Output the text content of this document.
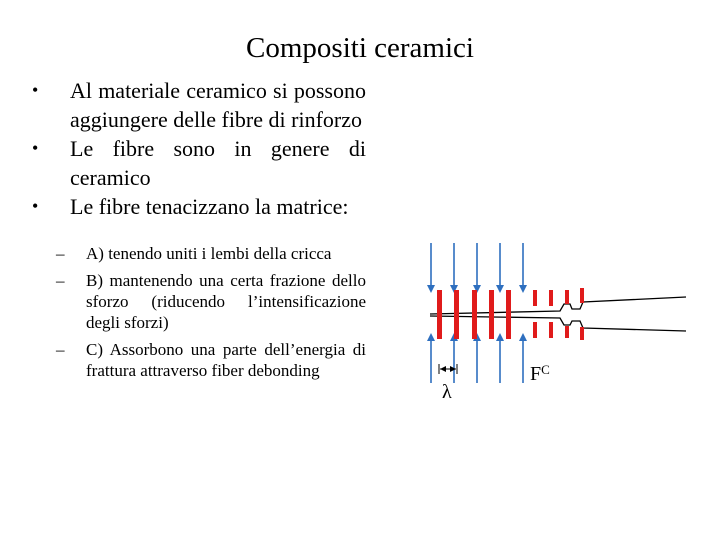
Compositi ceramici
•	Al materiale ceramico si possono aggiungere delle fibre di rinforzo
•	Le fibre sono in genere di ceramico
•	Le fibre tenacizzano la matrice:
–	A) tenendo uniti i lembi della cricca
–	B) mantenendo una certa frazione dello sforzo (riducendo l’intensificazione degli sforzi)
–	C) Assorbono una parte dell’energia di frattura attraverso fiber debonding
λ
$F^C$
